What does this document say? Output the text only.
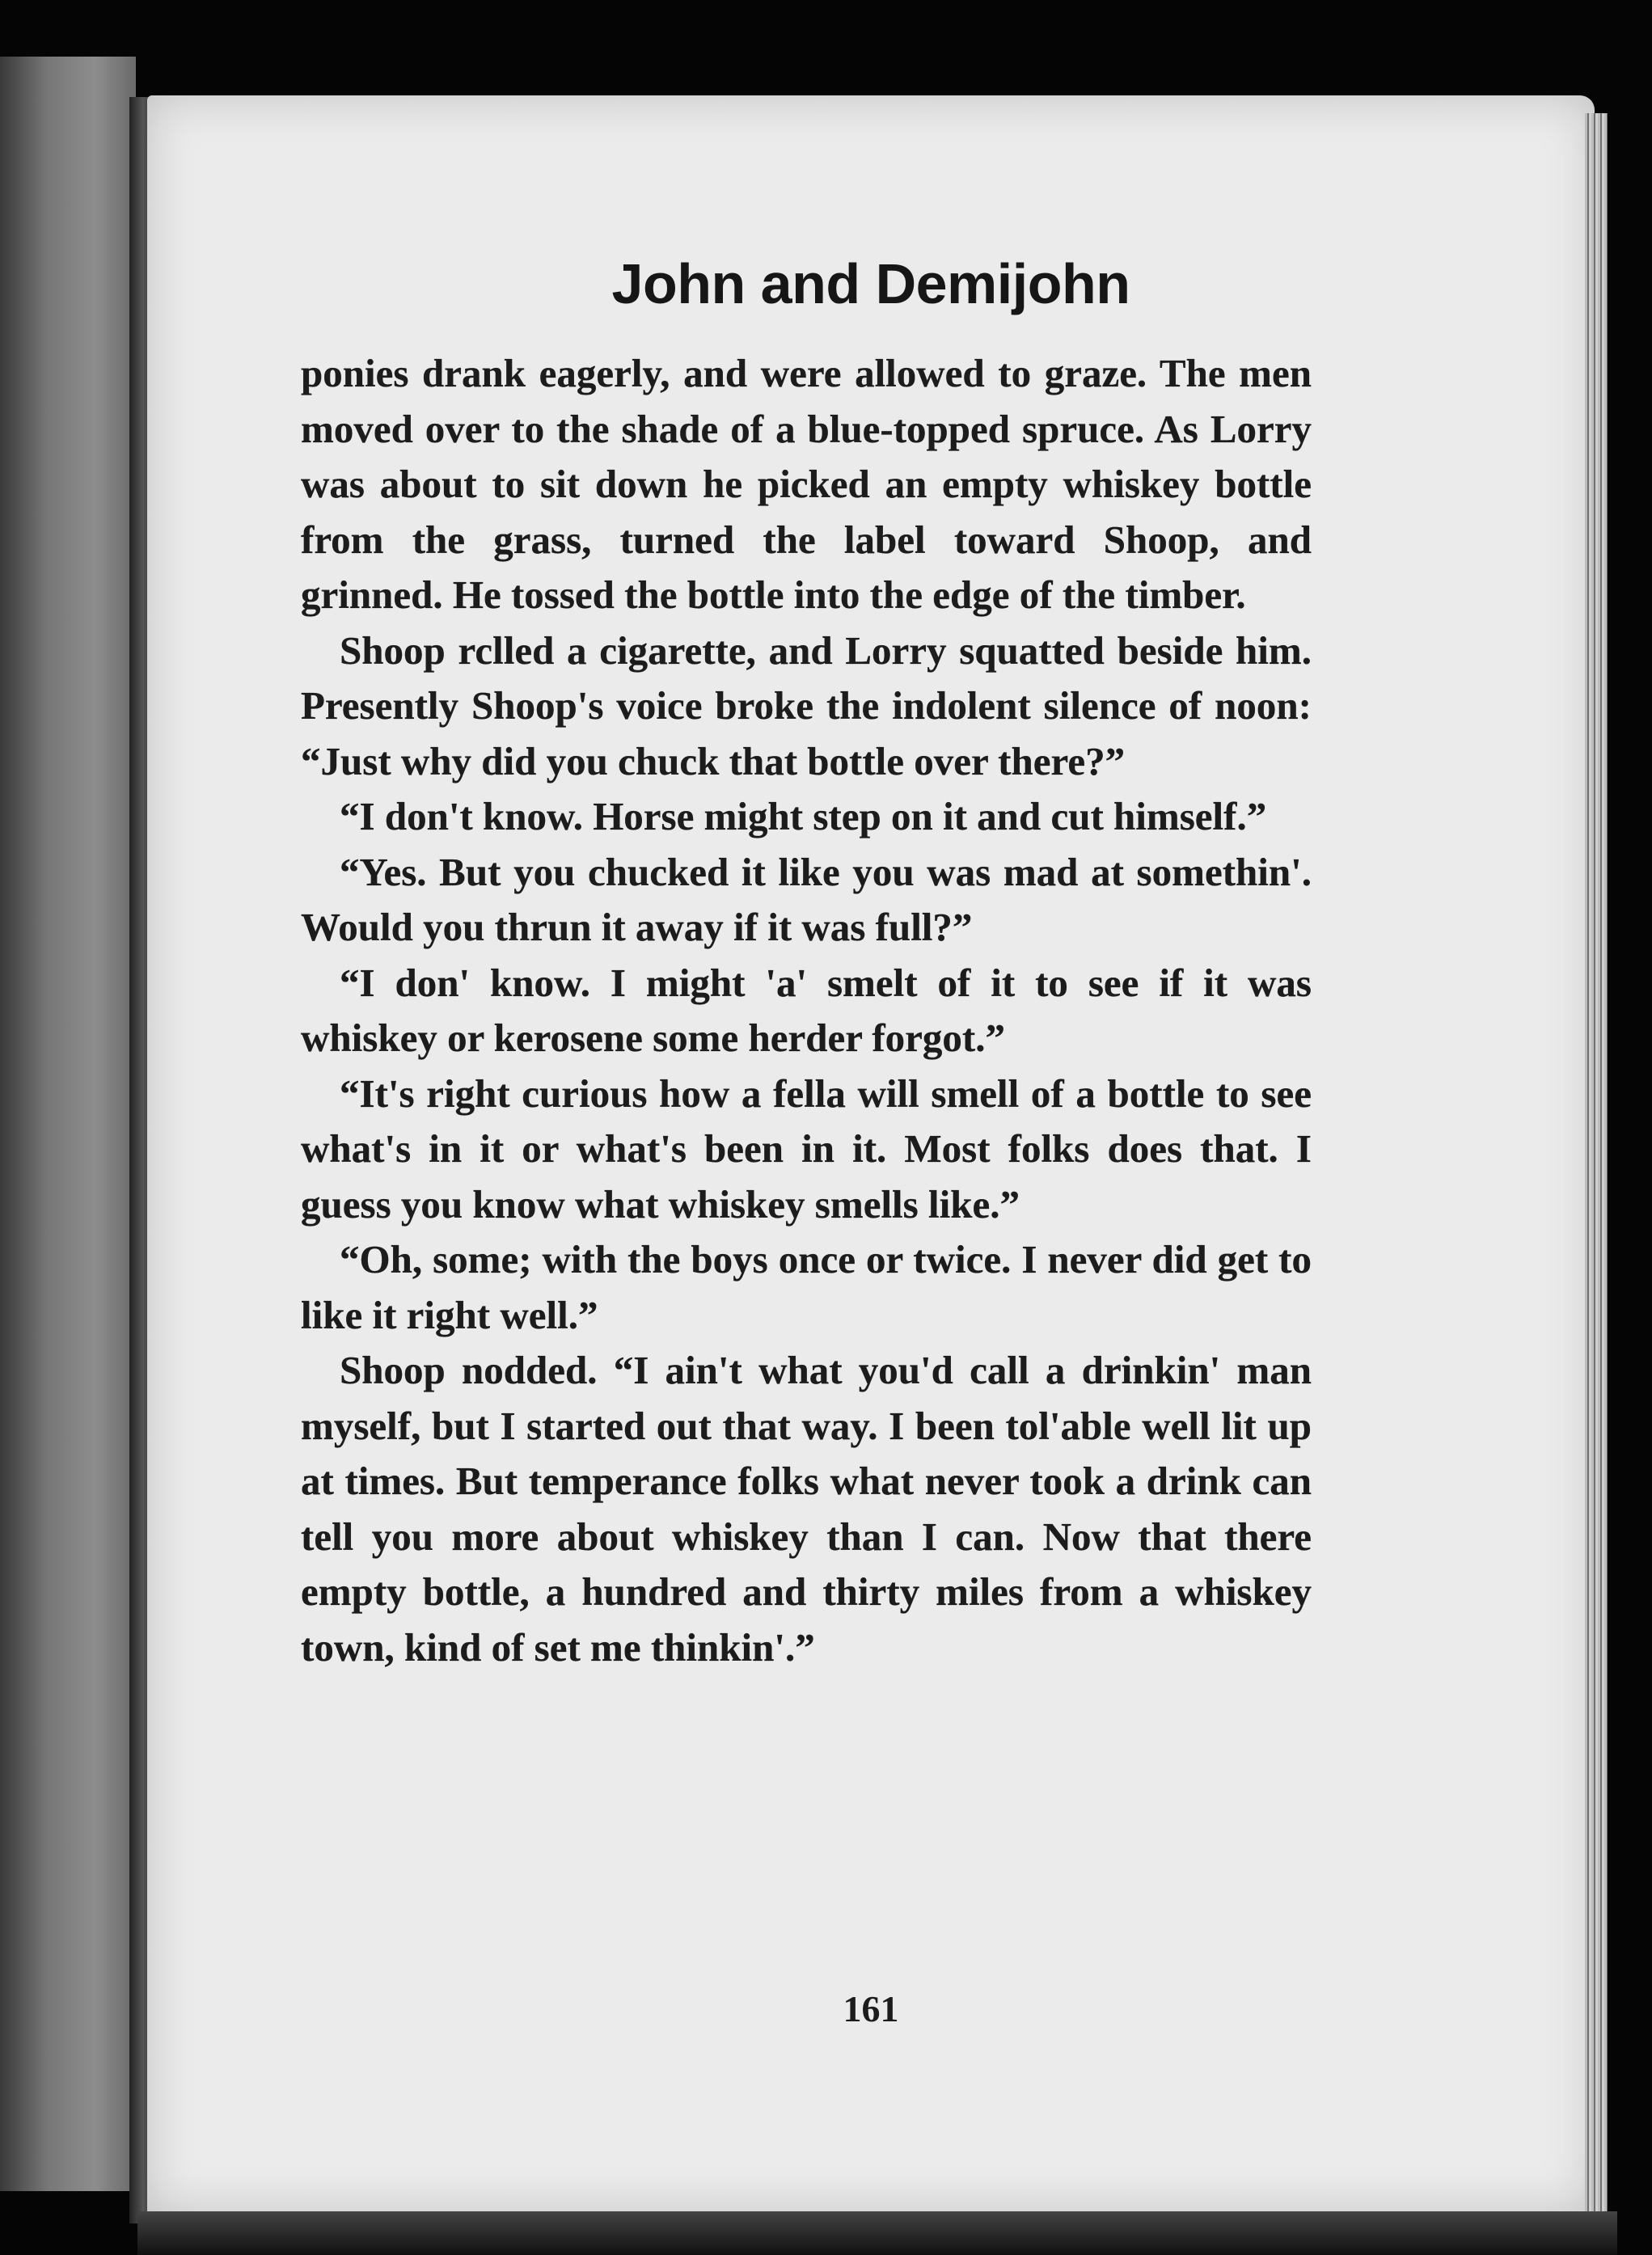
John and Demijohn

ponies drank eagerly, and were allowed to graze. The men moved over to the shade of a blue-topped spruce. As Lorry was about to sit down he picked an empty whiskey bottle from the grass, turned the label toward Shoop, and grinned. He tossed the bottle into the edge of the timber.

Shoop rclled a cigarette, and Lorry squatted beside him. Presently Shoop's voice broke the indolent silence of noon: “Just why did you chuck that bottle over there?”

“I don't know. Horse might step on it and cut himself.”

“Yes. But you chucked it like you was mad at somethin'. Would you thrun it away if it was full?”

“I don' know. I might 'a' smelt of it to see if it was whiskey or kerosene some herder forgot.”

“It's right curious how a fella will smell of a bottle to see what's in it or what's been in it. Most folks does that. I guess you know what whiskey smells like.”

“Oh, some; with the boys once or twice. I never did get to like it right well.”

Shoop nodded. “I ain't what you'd call a drinkin' man myself, but I started out that way. I been tol'able well lit up at times. But temperance folks what never took a drink can tell you more about whiskey than I can. Now that there empty bottle, a hundred and thirty miles from a whiskey town, kind of set me thinkin'.”

161
